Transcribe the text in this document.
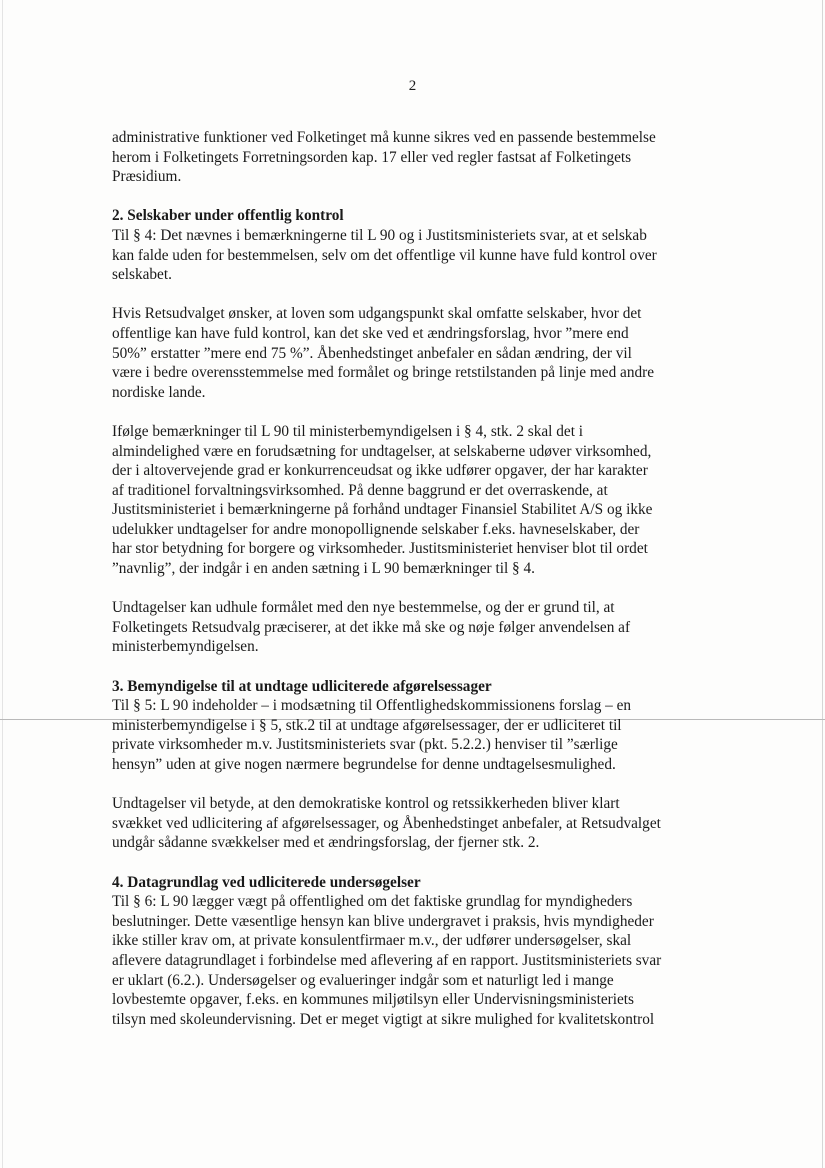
2

administrative funktioner ved Folketinget må kunne sikres ved en passende bestemmelse
herom i Folketingets Forretningsorden kap. 17 eller ved regler fastsat af Folketingets
Præsidium.

2. Selskaber under offentlig kontrol

Til § 4: Det nævnes i bemærkningerne til L 90 og i Justitsministeriets svar, at et selskab
kan falde uden for bestemmelsen, selv om det offentlige vil kunne have fuld kontrol over
selskabet.

Hvis Retsudvalget ønsker, at loven som udgangspunkt skal omfatte selskaber, hvor det
offentlige kan have fuld kontrol, kan det ske ved et ændringsforslag, hvor ”mere end
50%” erstatter ”mere end 75 %”. Åbenhedstinget anbefaler en sådan ændring, der vil
være i bedre overensstemmelse med formålet og bringe retstilstanden på linje med andre
nordiske lande.

Ifølge bemærkninger til L 90 til ministerbemyndigelsen i § 4, stk. 2 skal det i
almindelighed være en forudsætning for undtagelser, at selskaberne udøver virksomhed,
der i altovervejende grad er konkurrenceudsat og ikke udfører opgaver, der har karakter
af traditionel forvaltningsvirksomhed. På denne baggrund er det overraskende, at
Justitsministeriet i bemærkningerne på forhånd undtager Finansiel Stabilitet A/S og ikke
udelukker undtagelser for andre monopollignende selskaber f.eks. havneselskaber, der
har stor betydning for borgere og virksomheder. Justitsministeriet henviser blot til ordet
”navnlig”, der indgår i en anden sætning i L 90 bemærkninger til § 4.

Undtagelser kan udhule formålet med den nye bestemmelse, og der er grund til, at
Folketingets Retsudvalg præciserer, at det ikke må ske og nøje følger anvendelsen af
ministerbemyndigelsen.

3. Bemyndigelse til at undtage udliciterede afgørelsessager

Til § 5: L 90 indeholder – i modsætning til Offentlighedskommissionens forslag – en
ministerbemyndigelse i § 5, stk.2 til at undtage afgørelsessager, der er udliciteret til
private virksomheder m.v. Justitsministeriets svar (pkt. 5.2.2.) henviser til ”særlige
hensyn” uden at give nogen nærmere begrundelse for denne undtagelsesmulighed.

Undtagelser vil betyde, at den demokratiske kontrol og retssikkerheden bliver klart
svækket ved udlicitering af afgørelsessager, og Åbenhedstinget anbefaler, at Retsudvalget
undgår sådanne svækkelser med et ændringsforslag, der fjerner stk. 2.

4. Datagrundlag ved udliciterede undersøgelser

Til § 6: L 90 lægger vægt på offentlighed om det faktiske grundlag for myndigheders
beslutninger. Dette væsentlige hensyn kan blive undergravet i praksis, hvis myndigheder
ikke stiller krav om, at private konsulentfirmaer m.v., der udfører undersøgelser, skal
aflevere datagrundlaget i forbindelse med aflevering af en rapport. Justitsministeriets svar
er uklart (6.2.). Undersøgelser og evalueringer indgår som et naturligt led i mange
lovbestemte opgaver, f.eks. en kommunes miljøtilsyn eller Undervisningsministeriets
tilsyn med skoleundervisning. Det er meget vigtigt at sikre mulighed for kvalitetskontrol
